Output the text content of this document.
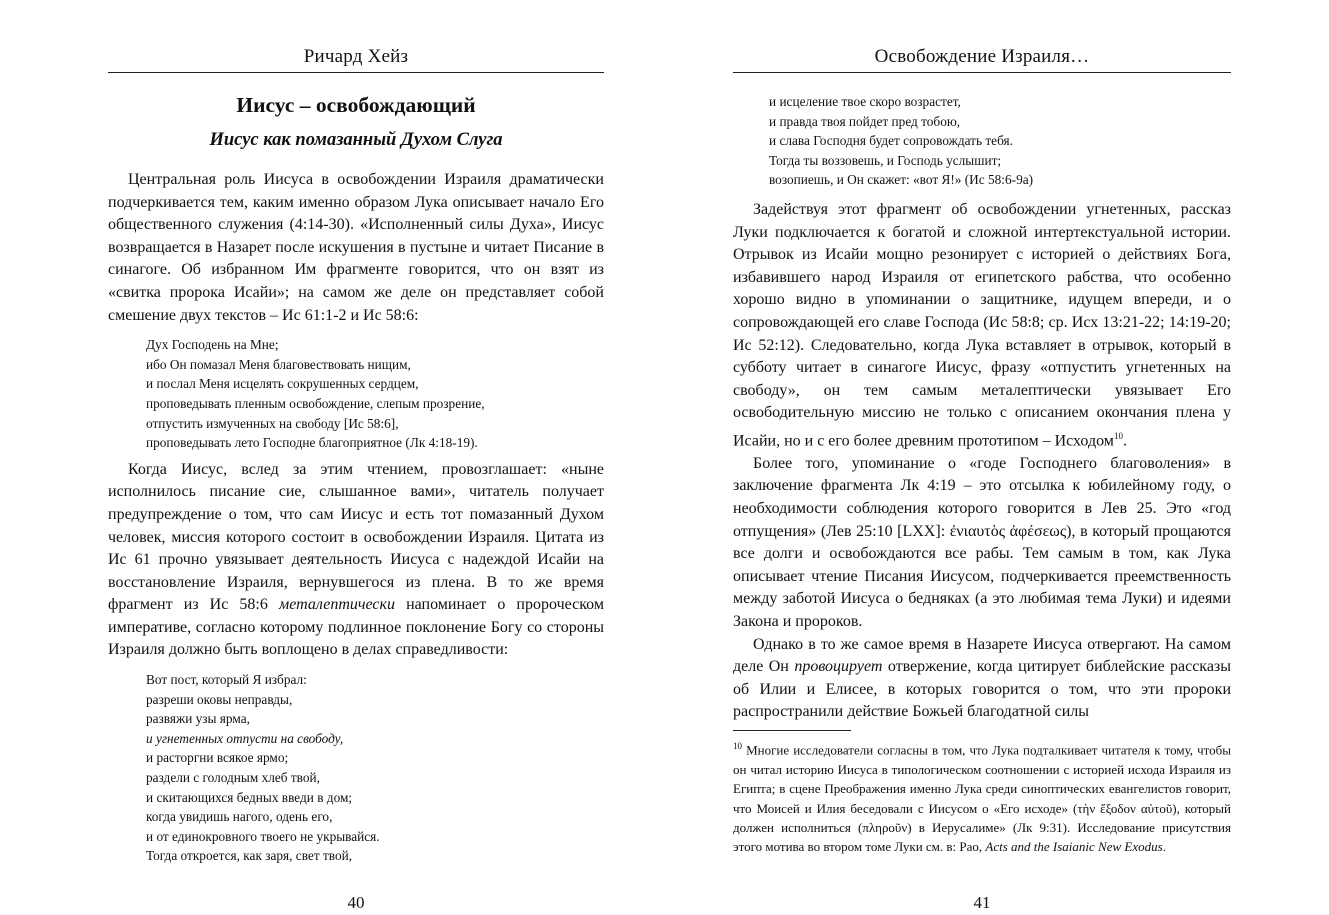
Ричард Хейз
Иисус – освобождающий
Иисус как помазанный Духом Слуга

Центральная роль Иисуса в освобождении Израиля драматически подчеркивается тем, каким именно образом Лука описывает начало Его общественного служения (4:14-30). «Исполненный силы Духа», Иисус возвращается в Назарет после искушения в пустыне и читает Писание в синагоге. Об избранном Им фрагменте говорится, что он взят из «свитка пророка Исайи»; на самом же деле он представляет собой смешение двух текстов – Ис 61:1-2 и Ис 58:6:

Дух Господень на Мне;
ибо Он помазал Меня благовествовать нищим,
и послал Меня исцелять сокрушенных сердцем,
проповедывать пленным освобождение, слепым прозрение,
отпустить измученных на свободу [Ис 58:6],
проповедывать лето Господне благоприятное (Лк 4:18-19).

Когда Иисус, вслед за этим чтением, провозглашает: «ныне исполнилось писание сие, слышанное вами», читатель получает предупреждение о том, что сам Иисус и есть тот помазанный Духом человек, миссия которого состоит в освобождении Израиля. Цитата из Ис 61 прочно увязывает деятельность Иисуса с надеждой Исайи на восстановление Израиля, вернувшегося из плена. В то же время фрагмент из Ис 58:6 металептически напоминает о пророческом императиве, согласно которому подлинное поклонение Богу со стороны Израиля должно быть воплощено в делах справедливости:

Вот пост, который Я избрал:
разреши оковы неправды,
развяжи узы ярма,
и угнетенных отпусти на свободу,
и расторгни всякое ярмо;
раздели с голодным хлеб твой,
и скитающихся бедных введи в дом;
когда увидишь нагого, одень его,
и от единокровного твоего не укрывайся.
Тогда откроется, как заря, свет твой,
40
Освобождение Израиля…
и исцеление твое скоро возрастет,
и правда твоя пойдет пред тобою,
и слава Господня будет сопровождать тебя.
Тогда ты воззовешь, и Господь услышит;
возопиешь, и Он скажет: «вот Я!» (Ис 58:6-9а)

Задействуя этот фрагмент об освобождении угнетенных, рассказ Луки подключается к богатой и сложной интертекстуальной истории. Отрывок из Исайи мощно резонирует с историей о действиях Бога, избавившего народ Израиля от египетского рабства, что особенно хорошо видно в упоминании о защитнике, идущем впереди, и о сопровождающей его славе Господа (Ис 58:8; ср. Исх 13:21-22; 14:19-20; Ис 52:12). Следовательно, когда Лука вставляет в отрывок, который в субботу читает в синагоге Иисус, фразу «отпустить угнетенных на свободу», он тем самым металептически увязывает Его освободительную миссию не только с описанием окончания плена у Исайи, но и с его более древним прототипом – Исходом$^{10}$.

Более того, упоминание о «годе Господнего благоволения» в заключение фрагмента Лк 4:19 – это отсылка к юбилейному году, о необходимости соблюдения которого говорится в Лев 25. Это «год отпущения» (Лев 25:10 [LXX]: ἐνιαυτὸς ἀφέσεως), в который прощаются все долги и освобождаются все рабы. Тем самым в том, как Лука описывает чтение Писания Иисусом, подчеркивается преемственность между заботой Иисуса о бедняках (а это любимая тема Луки) и идеями Закона и пророков.

Однако в то же самое время в Назарете Иисуса отвергают. На самом деле Он провоцирует отвержение, когда цитирует библейские рассказы об Илии и Елисее, в которых говорится о том, что эти пророки распространили действие Божьей благодатной силы

$^{10}$ Многие исследователи согласны в том, что Лука подталкивает читателя к тому, чтобы он читал историю Иисуса в типологическом соотношении с историей исхода Израиля из Египта; в сцене Преображения именно Лука среди синоптических евангелистов говорит, что Моисей и Илия беседовали с Иисусом о «Его исходе» (τὴν ἔξοδον αὐτοῦ), который должен исполниться (πληροῦν) в Иерусалиме» (Лк 9:31). Исследование присутствия этого мотива во втором томе Луки см. в: Рао, Acts and the Isaianic New Exodus.

41
